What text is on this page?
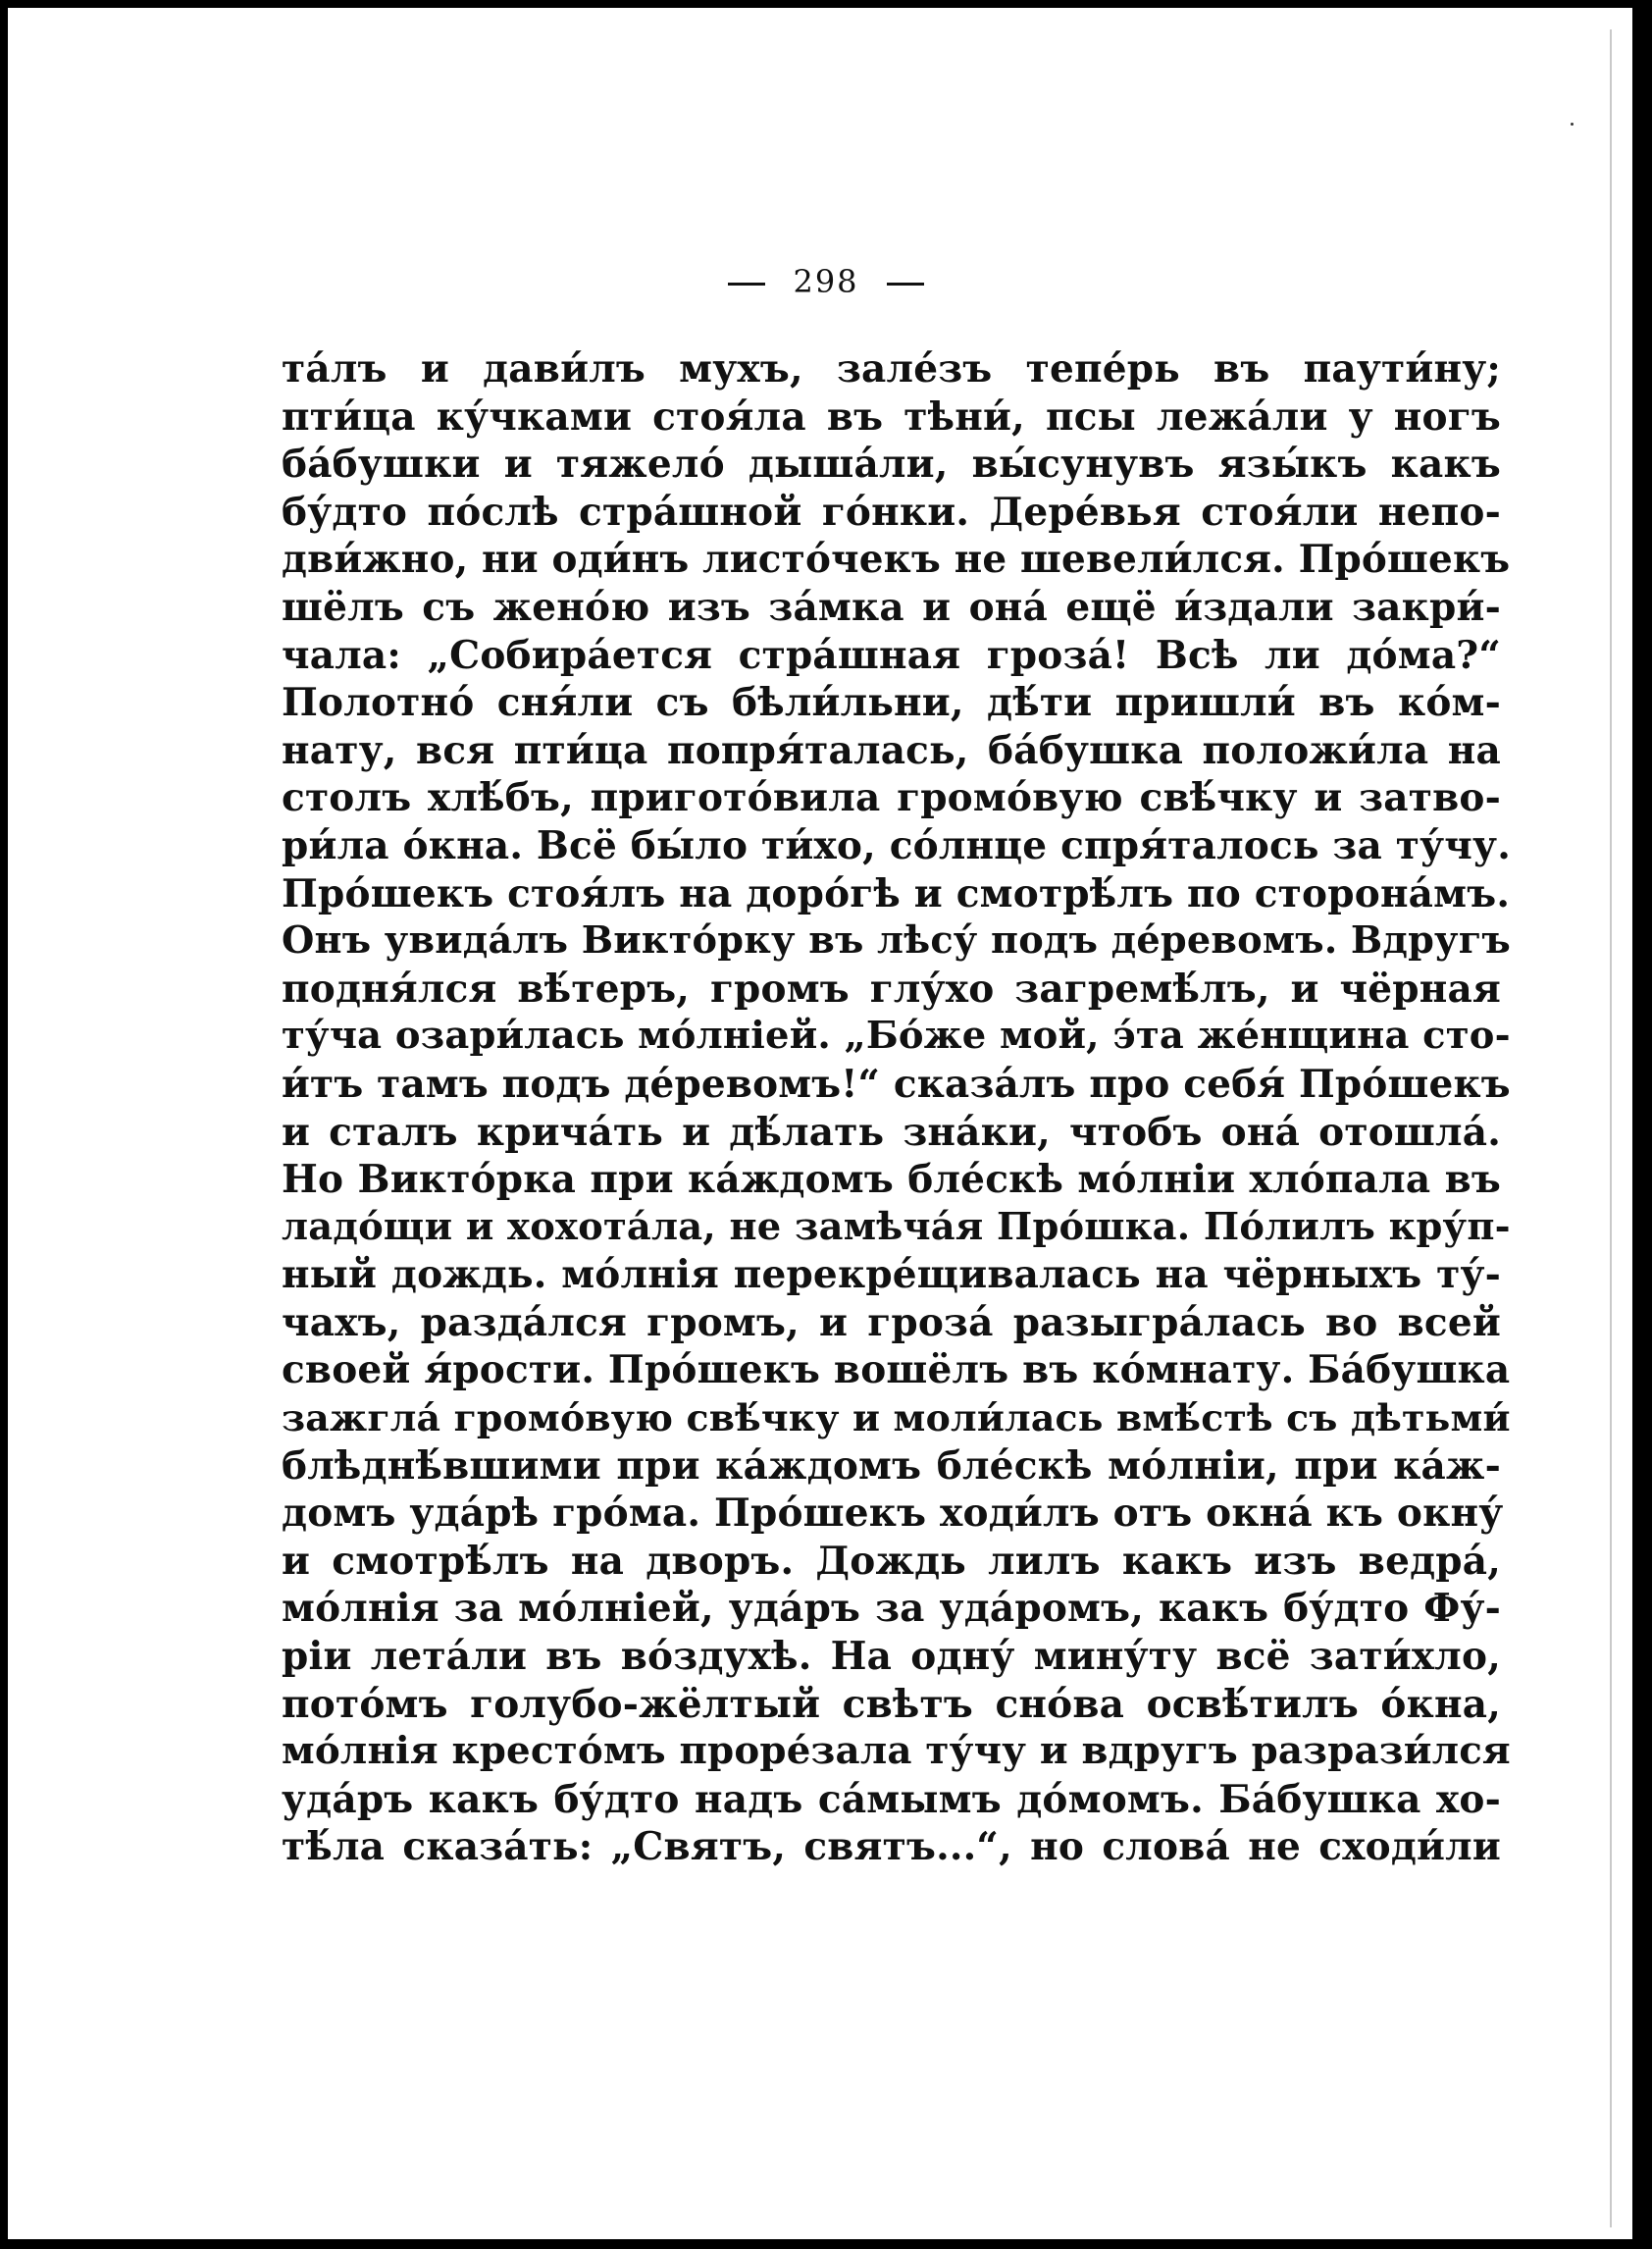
298
та́лъ и дави́лъ мухъ, зале́зъ тепе́рь въ паути́ну;
пти́ца ку́чками стоя́ла въ тѣни́, псы лежа́ли у ногъ
ба́бушки и тяжело́ дыша́ли, вы́сунувъ язы́къ какъ
бу́дто по́слѣ стра́шной го́нки. Дере́вья стоя́ли непо-
дви́жно, ни оди́нъ листо́чекъ не шевели́лся. Про́шекъ
шёлъ съ жено́ю изъ за́мка и она́ ещё и́здали закри́-
чала: „Собира́ется стра́шная гроза́! Всѣ ли до́ма?“
Полотно́ сня́ли съ бѣли́льни, дѣ́ти пришли́ въ ко́м-
нату, вся пти́ца попря́талась, ба́бушка положи́ла на
столъ хлѣ́бъ, пригото́вила громо́вую свѣ́чку и затво-
ри́ла о́кна. Всё бы́ло ти́хо, со́лнце спря́талось за ту́чу.
Про́шекъ стоя́лъ на доро́гѣ и смотрѣ́лъ по сторона́мъ.
Онъ увида́лъ Викто́рку въ лѣсу́ подъ де́ревомъ. Вдругъ
подня́лся вѣ́теръ, громъ глу́хо загремѣ́лъ, и чёрная
ту́ча озари́лась мо́лніей. „Бо́же мой, э́та же́нщина сто-
и́тъ тамъ подъ де́ревомъ!“ сказа́лъ про себя́ Про́шекъ
и сталъ крича́ть и дѣ́лать зна́ки, чтобъ она́ отошла́.
Но Викто́рка при ка́ждомъ бле́скѣ мо́лніи хло́пала въ
ладо́щи и хохота́ла, не замѣча́я Про́шка. По́лилъ кру́п-
ный дождь. мо́лнія перекре́щивалась на чёрныхъ ту́-
чахъ, разда́лся громъ, и гроза́ разыгра́лась во всей
своей я́рости. Про́шекъ вошёлъ въ ко́мнату. Ба́бушка
зажгла́ громо́вую свѣ́чку и моли́лась вмѣ́стѣ съ дѣтьми́
блѣднѣ́вшими при ка́ждомъ бле́скѣ мо́лніи, при ка́ж-
домъ уда́рѣ гро́ма. Про́шекъ ходи́лъ отъ окна́ къ окну́
и смотрѣ́лъ на дворъ. Дождь лилъ какъ изъ ведра́,
мо́лнія за мо́лніей, уда́ръ за уда́ромъ, какъ бу́дто Фу́-
ріи лета́ли въ во́здухѣ. На одну́ мину́ту всё зати́хло,
пото́мъ голубо-жёлтый свѣтъ сно́ва освѣ́тилъ о́кна,
мо́лнія кресто́мъ проре́зала ту́чу и вдругъ разрази́лся
уда́ръ какъ бу́дто надъ са́мымъ до́момъ. Ба́бушка хо-
тѣ́ла сказа́ть: „Святъ, святъ...“, но слова́ не сходи́ли
